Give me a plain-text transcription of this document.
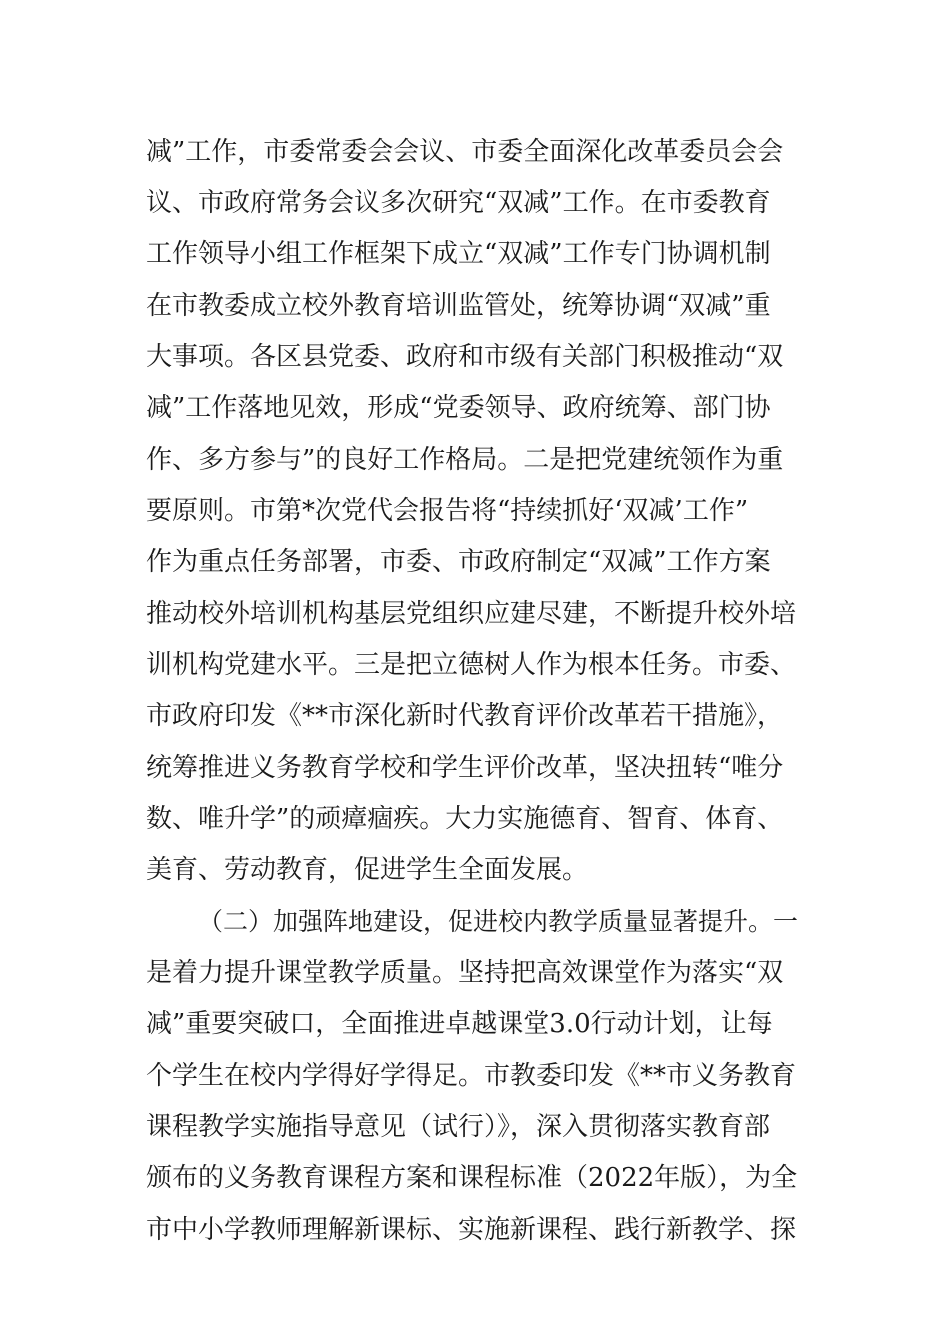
减”工作，市委常委会会议、市委全面深化改革委员会会
议、市政府常务会议多次研究“双减”工作。在市委教育
工作领导小组工作框架下成立“双减”工作专门协调机制
在市教委成立校外教育培训监管处，统筹协调“双减”重
大事项。各区县党委、政府和市级有关部门积极推动“双
减”工作落地见效，形成“党委领导、政府统筹、部门协
作、多方参与”的良好工作格局。二是把党建统领作为重
要原则。市第*次党代会报告将“持续抓好‘双减’工作”
作为重点任务部署，市委、市政府制定“双减”工作方案
推动校外培训机构基层党组织应建尽建，不断提升校外培
训机构党建水平。三是把立德树人作为根本任务。市委、
市政府印发《**市深化新时代教育评价改革若干措施》，
统筹推进义务教育学校和学生评价改革，坚决扭转“唯分
数、唯升学”的顽瘴痼疾。大力实施德育、智育、体育、
美育、劳动教育，促进学生全面发展。
（二）加强阵地建设，促进校内教学质量显著提升。一
是着力提升课堂教学质量。坚持把高效课堂作为落实“双
减”重要突破口，全面推进卓越课堂3.0行动计划，让每
个学生在校内学得好学得足。市教委印发《**市义务教育
课程教学实施指导意见（试行）》，深入贯彻落实教育部
颁布的义务教育课程方案和课程标准（2022年版），为全
市中小学教师理解新课标、实施新课程、践行新教学、探
